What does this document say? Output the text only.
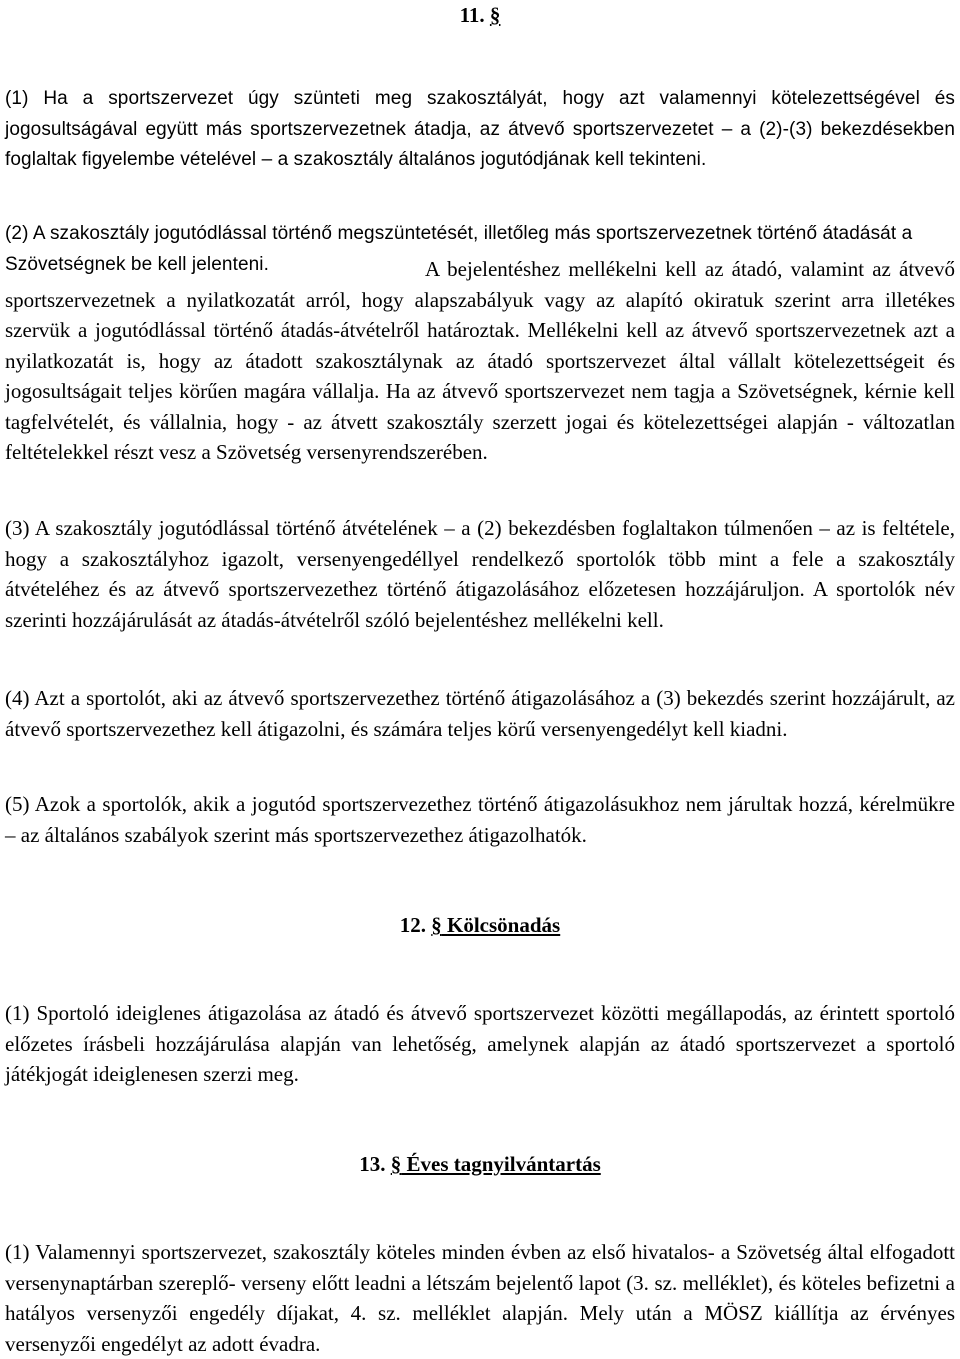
11. §

(1) Ha a sportszervezet úgy szünteti meg szakosztályát, hogy azt valamennyi kötelezettségével és jogosultságával együtt más sportszervezetnek átadja, az átvevő sportszervezetet – a (2)-(3) bekezdésekben foglaltak figyelembe vételével – a szakosztály általános jogutódjának kell tekinteni.

(2) A szakosztály jogutódlással történő megszüntetését, illetőleg más sportszervezetnek történő átadását a Szövetségnek be kell jelenteni.	A bejelentéshez mellékelni kell az átadó, valamint az átvevő sportszervezetnek a nyilatkozatát arról, hogy alapszabályuk vagy az alapító okiratuk szerint arra illetékes szervük a jogutódlással történő átadás-átvételről határoztak. Mellékelni kell az átvevő sportszervezetnek azt a nyilatkozatát is, hogy az átadott szakosztálynak az átadó sportszervezet által vállalt kötelezettségeit és jogosultságait teljes körűen magára vállalja. Ha az átvevő sportszervezet nem tagja a Szövetségnek, kérnie kell tagfelvételét, és vállalnia, hogy - az átvett szakosztály szerzett jogai és kötelezettségei alapján - változatlan feltételekkel részt vesz a Szövetség versenyrendszerében.

(3) A szakosztály jogutódlással történő átvételének – a (2) bekezdésben foglaltakon túlmenően – az is feltétele, hogy a szakosztályhoz igazolt, versenyengedéllyel rendelkező sportolók több mint a fele a szakosztály átvételéhez és az átvevő sportszervezethez történő átigazolásához előzetesen hozzájáruljon. A sportolók név szerinti hozzájárulását az átadás-átvételről szóló bejelentéshez mellékelni kell.

(4) Azt a sportolót, aki az átvevő sportszervezethez történő átigazolásához a (3) bekezdés szerint hozzájárult, az átvevő sportszervezethez kell átigazolni, és számára teljes körű versenyengedélyt kell kiadni.

(5) Azok a sportolók, akik a jogutód sportszervezethez történő átigazolásukhoz nem járultak hozzá, kérelmükre – az általános szabályok szerint más sportszervezethez átigazolhatók.

12. § Kölcsönadás

(1) Sportoló ideiglenes átigazolása az átadó és átvevő sportszervezet közötti megállapodás, az érintett sportoló előzetes írásbeli hozzájárulása alapján van lehetőség, amelynek alapján az átadó sportszervezet a sportoló játékjogát ideiglenesen szerzi meg.

13. § Éves tagnyilvántartás

(1) Valamennyi sportszervezet, szakosztály köteles minden évben az első hivatalos- a Szövetség által elfogadott versenynaptárban szereplő- verseny előtt leadni a létszám bejelentő lapot (3. sz. melléklet), és köteles befizetni a hatályos versenyzői engedély díjakat, 4. sz. melléklet alapján. Mely után a MÖSZ kiállítja az érvényes versenyzői engedélyt az adott évadra.
